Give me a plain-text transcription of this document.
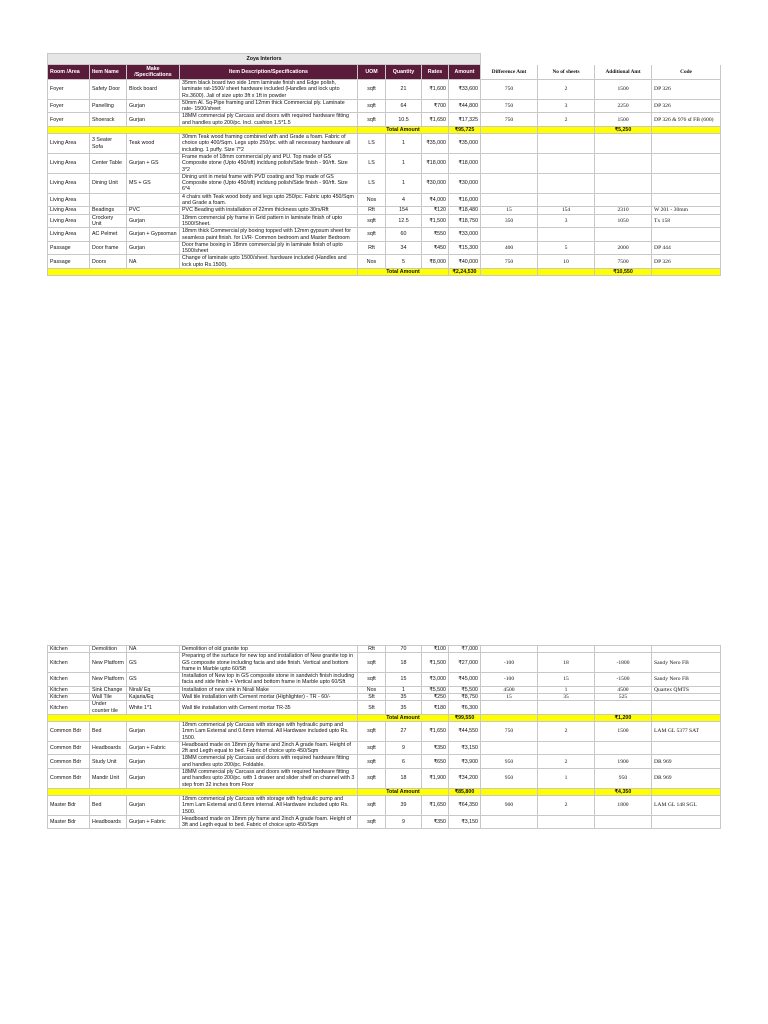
Zoya Interiors											
Room /Area	Item Name	Make /Specifications	Item Description/Specifications	UOM	Quantity	Rates	Amount	Difference Amt	No of sheets	Additional Amt	Code
Foyer	Safety Door	Block board	35mm black board two side 1mm laminate finish and Edge polish, laminate rat-1500/ sheet hardware included (Handles and lock upto Rs.3600). Jali of size upto 3ft x 1ft in powder	sqft	21	₹1,600	₹33,600	750	2	1500	DP 326
Foyer	Panelling	Gurjan	50mm Al. Sq-Pipe framing and 12mm thick Commercial ply. Laminate rate- 1500/sheet	sqft	64	₹700	₹44,800	750	3	2250	DP 326
Foyer	Shoerack	Gurjan	18MM commercial ply Carcass and doors with required hardware fitting and handles upto 200/pc. Incl. cushion 1.5*1.5	sqft	10.5	₹1,650	₹17,325	750	2	1500	DP 326 & 976 sf FB (600)
				Total Amount			₹95,725			₹5,250	
Living Area	3 Seater Sofa	Teak wood	30mm Teak wood framing combined with and Grade a foam. Fabric of choice upto 400/Sqm. Legs upto 250/pc. with all necessary hardware all including. 1 puffy. Size 7*2	LS	1	₹35,000	₹35,000				
Living Area	Center Table	Gurjan + GS	Frame made of 18mm commercial ply and PU. Top made of GS Composite stone (Upto 450/sft) incldung polish/Side finish - 90/rft. Size 3*2	LS	1	₹18,000	₹18,000				
Living Area	Dining Unit	MS + GS	Dining unit in metal frame with PVD coating and Top made of GS Composite stone (Upto 450/sft) incldung polish/Side finish - 90/rft. Size 6*4	LS	1	₹30,000	₹30,000				
Living Area			4 chairs with Teak wood body and legs upto 250/pc. Fabric upto 450/Sqm and Grade a foam.	Nos	4	₹4,000	₹16,000				
Living Area	Beadings	PVC	PVC Beading with installation of 22mm thickness upto 30rs/Rft	Rft	154	₹120	₹18,480	15	154	2310	W 201 - 30mm
Living Area	Crockery Unit	Gurjan	18mm commercial ply frame in Grid pattern in laminate finish of upto 1500/Sheet.	sqft	12.5	₹1,500	₹18,750	350	3	1050	Tx 158
Living Area	AC Pelmet	Gurjan + Gypsoman	18mm thick Commercial ply boxing topped with 12mm gypsum sheet for seamless paint finish. for LVR- Common bedroom and Master Bedroom	sqft	60	₹550	₹33,000				
Passage	Door frame	Gurjan	Door frame boxing in 18mm commercial ply in laminate finish of upto 1500/sheet	Rft	34	₹450	₹15,300	400	5	2000	DP 444
Passage	Doors	NA	Change of laminate upto 1500/sheet. hardware included (Handles and lock upto Rs.1500).	Nos	5	₹8,000	₹40,000	750	10	7500	DP 326
				Total Amount			₹2,24,530			₹10,550	
Kitchen	Demolition	NA	Demolition of old granite top	Rft	70	₹100	₹7,000				
Kitchen	New Platform	GS	Preparing of the surface for new top and installation of New granite top in GS composite stone including facia and side finish. Vertical and bottom frame in Marble upto 60/Sft	sqft	18	₹1,500	₹27,000	-100	18	-1800	Sandy Nero FB
Kitchen	New Platform	GS	Installation of New top in GS composite stone in sandwich finish including facia and side finish + Vertical and bottom frame in Marble upto 60/Sft	sqft	15	₹3,000	₹45,000	-100	15	-1500	Sandy Nero FB
Kitchen	Sink Change	Nirali/ Eq	Installation of new sink in Nirali Make	Nos	1	₹5,500	₹5,500	4500	1	4500	Quartex QMTS
Kitchen	Wall Tile	Kajaria/Eq	Wall tile installation with Cement mortar (Highlighter) - TR - 60/-	Sft	35	₹250	₹8,750	15	35	525	
Kitchen	Under counter tile	White 1*1	Wall tile installation with Cement mortar TR-35	Sft	35	₹180	₹6,300				
				Total Amount			₹99,550			₹1,200	
Common Bdr	Bed	Gurjan	18mm commerical ply Carcass with storage with hydraulic pump and 1mm Lam External and 0.6mm internal. All Hardware included upto Rs. 1500.	sqft	27	₹1,650	₹44,550	750	2	1500	LAM GL 5377 SAT
Common Bdr	Headboards	Gurjan + Fabric	Headboard made on 18mm ply frame and 2inch A grade foam. Height of 2ft and Legth equal to bed. Fabric of choice upto 450/Sqm	sqft	9	₹350	₹3,150				
Common Bdr	Study Unit	Gurjan	18MM commercial ply Carcass and doors with required hardware fitting and handles upto 200/pc. Foldable.	sqft	6	₹650	₹3,900	950	2	1900	DR 969
Common Bdr	Mandir Unit	Gurjan	18MM commercial ply Carcass and doors with required hardware fitting and handles upto 200/pc. with 1 drawer and slider shelf on channel with 3 step from 32 inches from Floor	sqft	18	₹1,900	₹34,200	950	1	950	DR 969
				Total Amount			₹85,800			₹4,350	
Master Bdr	Bed	Gurjan	18mm commerical ply Carcass with storage with hydraulic pump and 1mm Lam External and 0.6mm internal. All Hardware included upto Rs. 1500.	sqft	39	₹1,650	₹64,350	900	2	1800	LAM GL 148 SGL
Master Bdr	Headboards	Gurjan + Fabric	Headboard made on 18mm ply frame and 2inch A grade foam. Height of 3ft and Legth equal to bed. Fabric of choice upto 450/Sqm	sqft	9	₹350	₹3,150				
